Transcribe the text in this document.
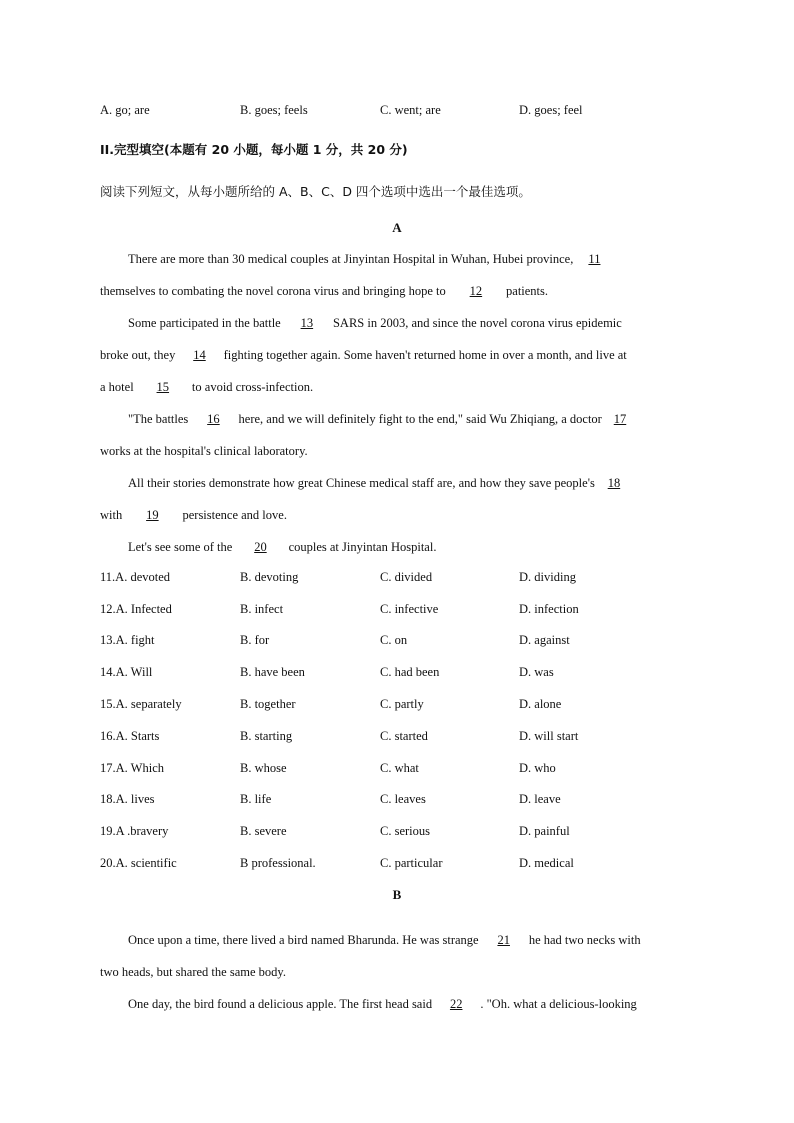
A. go; are	B. goes; feels	C. went; are	D. goes; feel
II.完型填空(本题有 20 小题，每小题 1 分，共 20 分)
阅读下列短文，从每小题所给的 A、B、C、D 四个选项中选出一个最佳选项。
A
There are more than 30 medical couples at Jinyintan Hospital in Wuhan, Hubei province, 11
themselves to combating the novel corona virus and bringing hope to 12 patients.
Some participated in the battle 13 SARS in 2003, and since the novel corona virus epidemic
broke out, they 14 fighting together again. Some haven't returned home in over a month, and live at
a hotel 15 to avoid cross-infection.
"The battles 16 here, and we will definitely fight to the end," said Wu Zhiqiang, a doctor 17
works at the hospital's clinical laboratory.
All their stories demonstrate how great Chinese medical staff are, and how they save people's 18
with 19 persistence and love.
Let's see some of the 20 couples at Jinyintan Hospital.
11.A. devoted	B. devoting	C. divided	D. dividing
12.A. Infected	B. infect	C. infective	D. infection
13.A. fight	B. for	C. on	D. against
14.A. Will	B. have been	C. had been	D. was
15.A. separately	B. together	C. partly	D. alone
16.A. Starts	B. starting	C. started	D. will start
17.A. Which	B. whose	C. what	D. who
18.A. lives	B. life	C. leaves	D. leave
19.A .bravery	B. severe	C. serious	D. painful
20.A. scientific	B professional.	C. particular	D. medical
B
Once upon a time, there lived a bird named Bharunda. He was strange 21 he had two necks with
two heads, but shared the same body.
One day, the bird found a delicious apple. The first head said 22 . "Oh. what a delicious-looking
